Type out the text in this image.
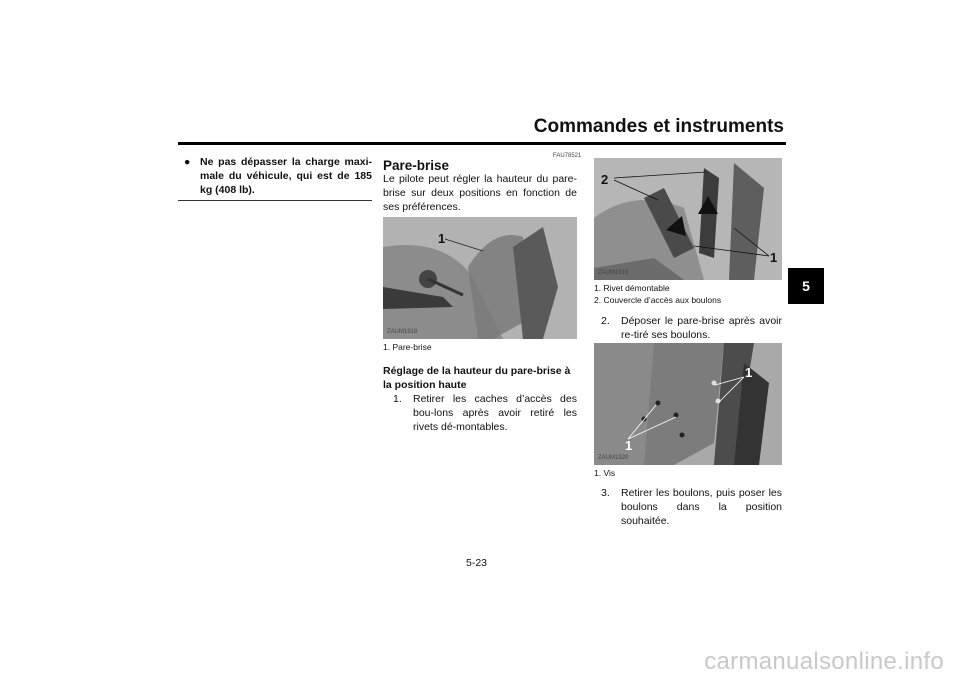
Commandes et instruments
5
● Ne pas dépasser la charge maxi-male du véhicule, qui est de 185 kg (408 lb).
FAU78521
Pare-brise
Le pilote peut régler la hauteur du pare-brise sur deux positions en fonction de ses préférences.
1
ZAUM1918
1. Pare-brise
Réglage de la hauteur du pare-brise à la position haute
1.	Retirer les caches d’accès des bou-lons après avoir retiré les rivets dé-montables.
2
1
ZAUM1919
1. Rivet démontable
2. Couvercle d’accès aux boulons
2.	Déposer le pare-brise après avoir re-tiré ses boulons.
1
1
ZAUM1920
1. Vis
3.	Retirer les boulons, puis poser les boulons dans la position souhaitée.
5-23
carmanualsonline.info
